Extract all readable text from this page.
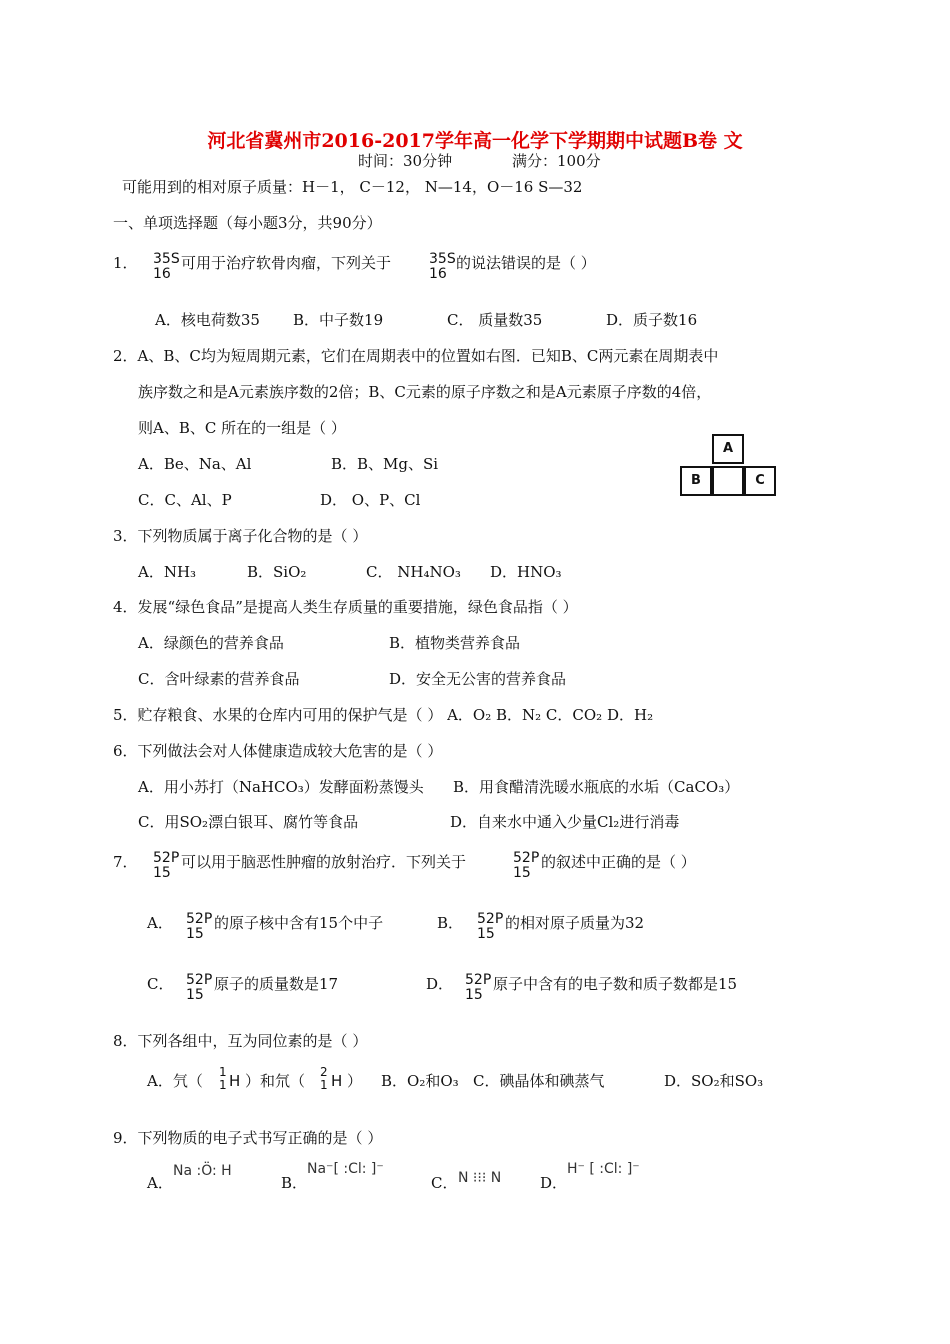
河北省冀州市2016-2017学年高一化学下学期期中试题B卷 文
时间：30分钟	满分：100分
可能用到的相对原子质量：H－1， C－12， N—14，O－16 S—32
一、单项选择题（每小题3分，共90分）
1． 35S
16
可用于治疗软骨肉瘤，下列关于	35S
16
的说法错误的是（ ）
A．核电荷数35 B．中子数19	C． 质量数35	D．质子数16
2．A、B、C均为短周期元素，它们在周期表中的位置如右图．已知B、C两元素在周期表中
族序数之和是A元素族序数的2倍；B、C元素的原子序数之和是A元素原子序数的4倍，
则A、B、C 所在的一组是（ ）
A．Be、Na、Al	B．B、Mg、Si
C．C、Al、P	D． O、P、Cl
A
B	C
3．下列物质属于离子化合物的是（ ）
A．NH₃	B．SiO₂	C． NH₄NO₃ D．HNO₃
4．发展“绿色食品”是提高人类生存质量的重要措施，绿色食品指（ ）
A．绿颜色的营养食品	B．植物类营养食品
C．含叶绿素的营养食品	D．安全无公害的营养食品
5．贮存粮食、水果的仓库内可用的保护气是（ ） A．O₂ B．N₂ C．CO₂ D．H₂
6．下列做法会对人体健康造成较大危害的是（ ）
A．用小苏打（NaHCO₃）发酵面粉蒸馒头 B．用食醋清洗暖水瓶底的水垢（CaCO₃）
C．用SO₂漂白银耳、腐竹等食品	D．自来水中通入少量Cl₂进行消毒
7． 52P
15
可以用于脑恶性肿瘤的放射治疗．下列关于	52P
15
的叙述中正确的是（ ）
A． 52P
15
的原子核中含有15个中子	B． 52P
15
的相对原子质量为32
C． 52P
15
原子的质量数是17	D． 52P
15
原子中含有的电子数和质子数都是15
8．下列各组中，互为同位素的是（ ）
A．氕（ 1
1 H ）和氘（ 2
1 H ） B．O₂和O₃ C．碘晶体和碘蒸气	D．SO₂和SO₃
9．下列物质的电子式书写正确的是（ ）
A．
Na :Ö: H
B．
Na⁻[ :Cl: ]⁻
C． N ⁝⁝⁝ N	D．
H⁻ [ :Cl: ]⁻
